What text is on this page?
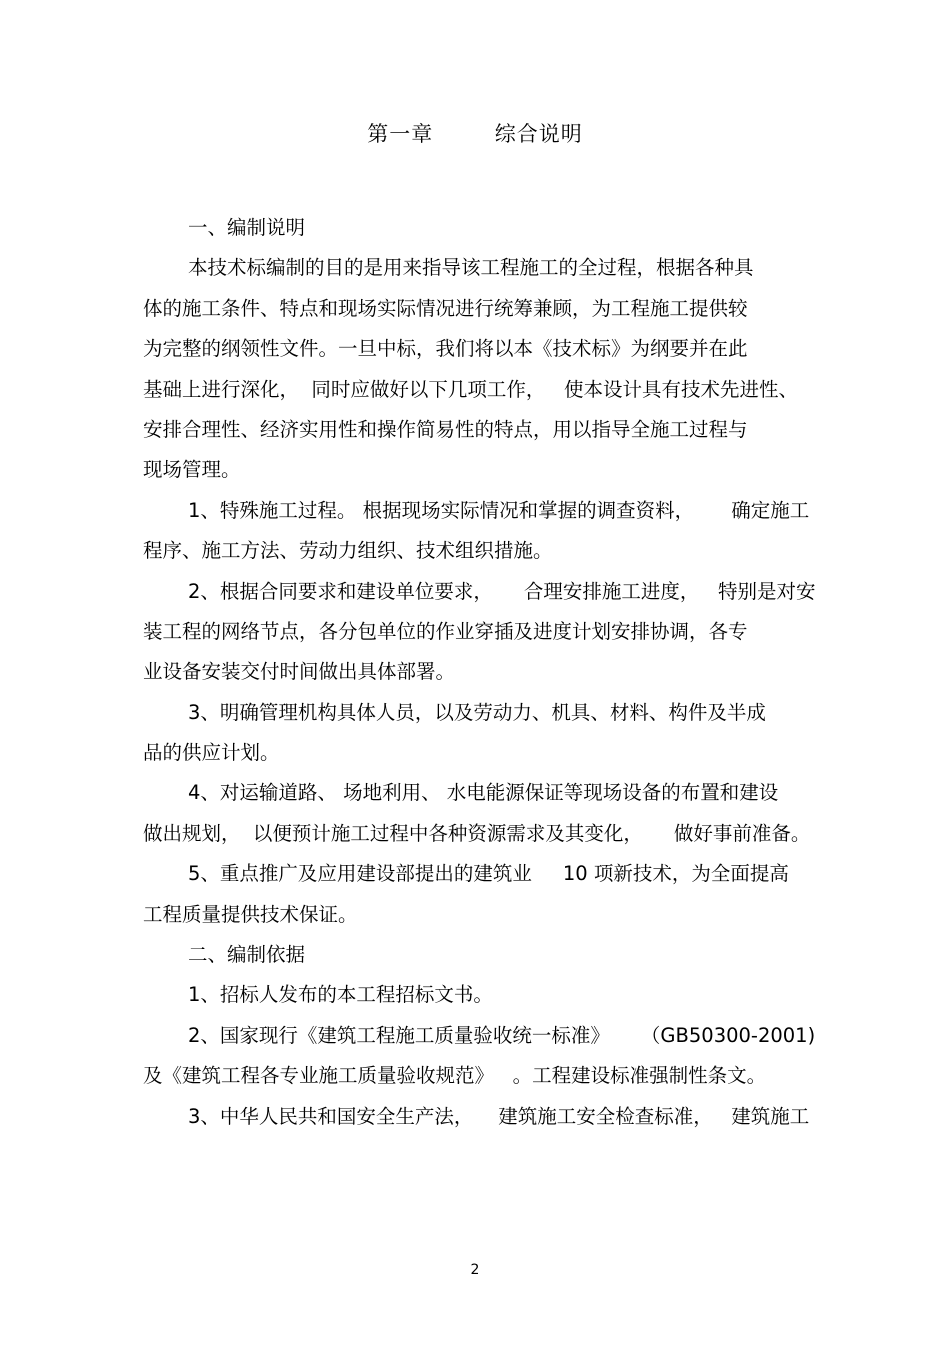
第一章        综合说明
一、编制说明
本技术标编制的目的是用来指导该工程施工的全过程，根据各种具
体的施工条件、特点和现场实际情况进行统筹兼顾，为工程施工提供较
为完整的纲领性文件。一旦中标，我们将以本《技术标》为纲要并在此
基础上进行深化，  同时应做好以下几项工作，   使本设计具有技术先进性、
安排合理性、经济实用性和操作简易性的特点，用以指导全施工过程与
现场管理。
1、特殊施工过程。 根据现场实际情况和掌握的调查资料，      确定施工
程序、施工方法、劳动力组织、技术组织措施。
2、根据合同要求和建设单位要求，     合理安排施工进度，   特别是对安
装工程的网络节点，各分包单位的作业穿插及进度计划安排协调，各专
业设备安装交付时间做出具体部署。
3、明确管理机构具体人员，以及劳动力、机具、材料、构件及半成
品的供应计划。
4、对运输道路、 场地利用、 水电能源保证等现场设备的布置和建设
做出规划，  以便预计施工过程中各种资源需求及其变化，     做好事前准备。
5、重点推广及应用建设部提出的建筑业     10 项新技术，为全面提高
工程质量提供技术保证。
二、编制依据
1、招标人发布的本工程招标文书。
2、国家现行《建筑工程施工质量验收统一标准》     （GB50300-2001)
及《建筑工程各专业施工质量验收规范》   。工程建设标准强制性条文。
3、中华人民共和国安全生产法，    建筑施工安全检查标准，   建筑施工
2
